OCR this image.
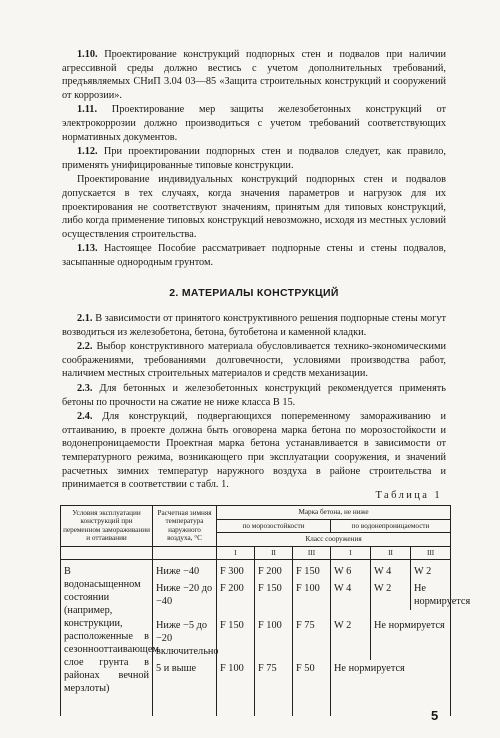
1.10. Проектирование конструкций подпорных стен и подвалов при наличии агрессивной среды должно вестись с учетом дополнительных требований, предъявляемых СНиП 3.04 03—85 «Защита строительных конструкций и сооружений от коррозии».

1.11. Проектирование мер защиты железобетонных конструкций от электрокоррозии должно производиться с учетом требований соответствующих нормативных документов.

1.12. При проектировании подпорных стен и подвалов следует, как правило, применять унифицированные типовые конструкции.

Проектирование индивидуальных конструкций подпорных стен и подвалов допускается в тех случаях, когда значения параметров и нагрузок для их проектирования не соответствуют значениям, принятым для типовых конструкций, либо когда применение типовых конструкций невозможно, исходя из местных условий осуществления строительства.

1.13. Настоящее Пособие рассматривает подпорные стены и стены подвалов, засыпанные однородным грунтом.

2. МАТЕРИАЛЫ КОНСТРУКЦИЙ

2.1. В зависимости от принятого конструктивного решения подпорные стены могут возводиться из железобетона, бетона, бутобетона и каменной кладки.

2.2. Выбор конструктивного материала обусловливается технико-экономическими соображениями, требованиями долговечности, условиями производства работ, наличием местных строительных материалов и средств механизации.

2.3. Для бетонных и железобетонных конструкций рекомендуется применять бетоны по прочности на сжатие не ниже класса В 15.

2.4. Для конструкций, подвергающихся попеременному замораживанию и оттаиванию, в проекте должна быть оговорена марка бетона по морозостойкости и водонепроницаемости Проектная марка бетона устанавливается в зависимости от температурного режима, возникающего при эксплуатации сооружения, и значений расчетных зимних температур наружного воздуха в районе строительства и принимается в соответствии с табл. 1.

Таблица 1
Условия эксплуатации конструкций при переменном замораживании и оттаивании	Расчетная зимняя температура наружного воздуха, °С	Марка бетона, не ниже					
		по морозостойкости			по водонепроницаемости		
		Класс сооружения					
		I	II	III	I	II	III
В водонасыщенном состоянии (например, конструкции, расположенные в сезоннооттаивающем слое грунта в районах вечной мерзлоты)	Ниже −40	F 300	F 200	F 150	W 6	W 4	W 2
	Ниже −20 до −40	F 200	F 150	F 100	W 4	W 2	Не нормируется
	Ниже −5 до −20 включительно	F 150	F 100	F 75	W 2	Не нормируется	
	5 и выше	F 100	F 75	F 50	Не нормируется		
5
